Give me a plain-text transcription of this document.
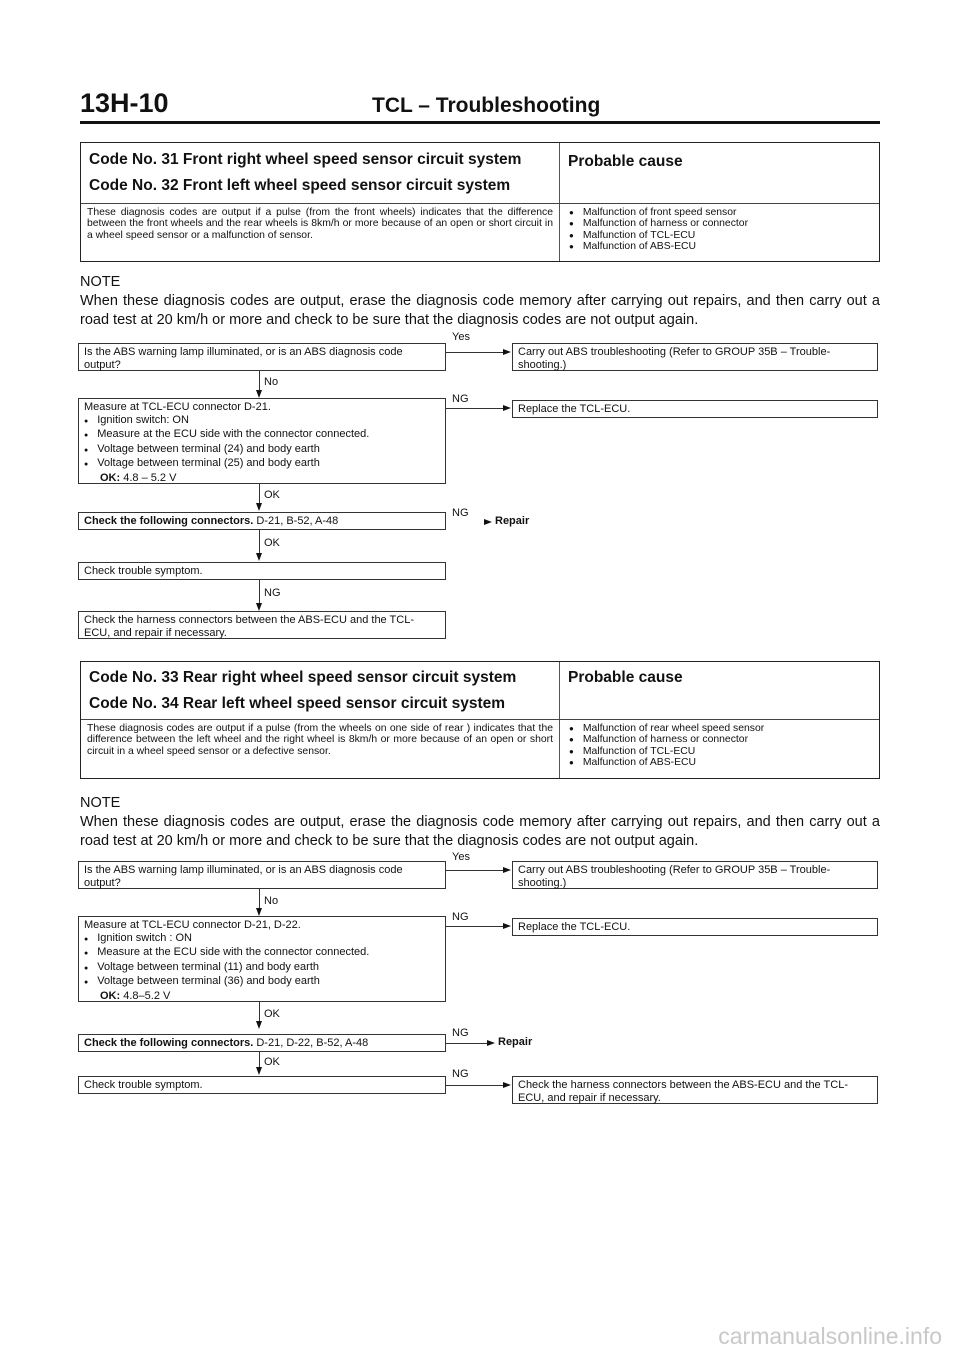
13H-10	TCL – Troubleshooting
Code No. 31 Front right wheel speed sensor circuit system
Code No. 32 Front left wheel speed sensor circuit system
Probable cause
These diagnosis codes are output if a pulse (from the front wheels) indicates that the difference between the front wheels and the rear wheels is 8km/h or more because of an open or short circuit in a wheel speed sensor or a malfunction of sensor.
● Malfunction of front speed sensor
● Malfunction of harness or connector
● Malfunction of TCL-ECU
● Malfunction of ABS-ECU
NOTE
When these diagnosis codes are output, erase the diagnosis code memory after carrying out repairs, and then carry out a road test at 20 km/h or more and check to be sure that the diagnosis codes are not output again.
Is the ABS warning lamp illuminated, or is an ABS diagnosis code output?
Yes
Carry out ABS troubleshooting (Refer to GROUP 35B – Trouble-shooting.)
No
Measure at TCL-ECU connector D-21.
● Ignition switch: ON
● Measure at the ECU side with the connector connected.
● Voltage between terminal (24) and body earth
● Voltage between terminal (25) and body earth
OK: 4.8 – 5.2 V
NG
Replace the TCL-ECU.
OK
Check the following connectors. D-21, B-52, A-48
NG
Repair
OK
Check trouble symptom.
NG
Check the harness connectors between the ABS-ECU and the TCL-ECU, and repair if necessary.
Code No. 33 Rear right wheel speed sensor circuit system
Code No. 34 Rear left wheel speed sensor circuit system
Probable cause
These diagnosis codes are output if a pulse (from the wheels on one side of rear ) indicates that the difference between the left wheel and the right wheel is 8km/h or more because of an open or short circuit in a wheel speed sensor or a defective sensor.
● Malfunction of rear wheel speed sensor
● Malfunction of harness or connector
● Malfunction of TCL-ECU
● Malfunction of ABS-ECU
NOTE
When these diagnosis codes are output, erase the diagnosis code memory after carrying out repairs, and then carry out a road test at 20 km/h or more and check to be sure that the diagnosis codes are not output again.
Is the ABS warning lamp illuminated, or is an ABS diagnosis code output?
Yes
Carry out ABS troubleshooting (Refer to GROUP 35B – Trouble-shooting.)
No
Measure at TCL-ECU connector D-21, D-22.
● Ignition switch : ON
● Measure at the ECU side with the connector connected.
● Voltage between terminal (11) and body earth
● Voltage between terminal (36) and body earth
OK: 4.8–5.2 V
NG
Replace the TCL-ECU.
OK
Check the following connectors. D-21, D-22, B-52, A-48
NG
Repair
OK
Check trouble symptom.
NG
Check the harness connectors between the ABS-ECU and the TCL-ECU, and repair if necessary.
carmanualsonline.info
